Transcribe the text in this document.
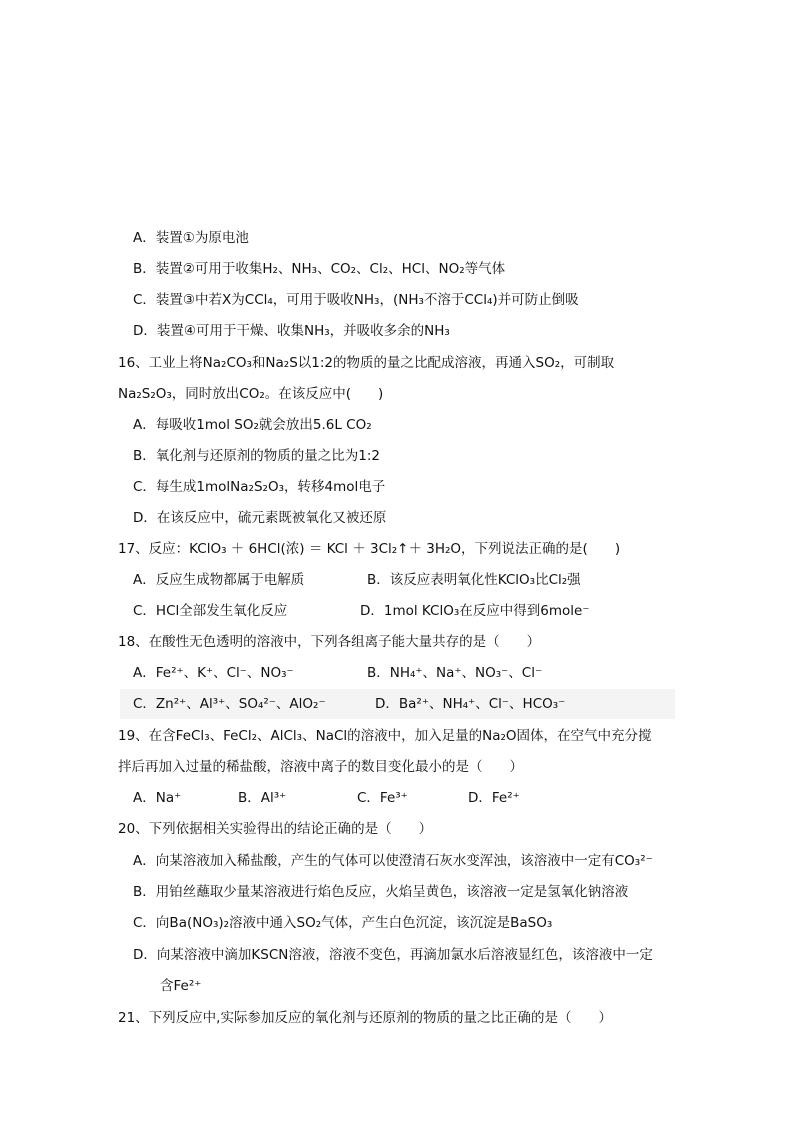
A．装置①为原电池
B．装置②可用于收集H₂、NH₃、CO₂、Cl₂、HCl、NO₂等气体
C．装置③中若X为CCl₄，可用于吸收NH₃，(NH₃不溶于CCl₄)并可防止倒吸
D．装置④可用于干燥、收集NH₃，并吸收多余的NH₃
16、工业上将Na₂CO₃和Na₂S以1:2的物质的量之比配成溶液，再通入SO₂，可制取
Na₂S₂O₃，同时放出CO₂。在该反应中(　　)
A．每吸收1mol SO₂就会放出5.6L CO₂
B．氧化剂与还原剂的物质的量之比为1:2
C．每生成1molNa₂S₂O₃，转移4mol电子
D．在该反应中，硫元素既被氧化又被还原
17、反应：KClO₃ ＋ 6HCl(浓) ＝ KCl ＋ 3Cl₂↑＋ 3H₂O，下列说法正确的是(　　)
A．反应生成物都属于电解质	B．该反应表明氧化性KClO₃比Cl₂强
C．HCl全部发生氧化反应	D．1mol KClO₃在反应中得到6mole⁻
18、在酸性无色透明的溶液中，下列各组离子能大量共存的是（　　）
A．Fe²⁺、K⁺、Cl⁻、NO₃⁻	B．NH₄⁺、Na⁺、NO₃⁻、Cl⁻
C．Zn²⁺、Al³⁺、SO₄²⁻、AlO₂⁻	D．Ba²⁺、NH₄⁺、Cl⁻、HCO₃⁻
19、在含FeCl₃、FeCl₂、AlCl₃、NaCl的溶液中，加入足量的Na₂O固体，在空气中充分搅
拌后再加入过量的稀盐酸，溶液中离子的数目变化最小的是（　　）
A．Na⁺	B．Al³⁺	C．Fe³⁺	D．Fe²⁺
20、下列依据相关实验得出的结论正确的是（　　）
A．向某溶液加入稀盐酸，产生的气体可以使澄清石灰水变浑浊，该溶液中一定有CO₃²⁻
B．用铂丝蘸取少量某溶液进行焰色反应，火焰呈黄色，该溶液一定是氢氧化钠溶液
C．向Ba(NO₃)₂溶液中通入SO₂气体，产生白色沉淀，该沉淀是BaSO₃
D．向某溶液中滴加KSCN溶液，溶液不变色，再滴加氯水后溶液显红色，该溶液中一定
含Fe²⁺
21、下列反应中,实际参加反应的氧化剂与还原剂的物质的量之比正确的是（　　）
